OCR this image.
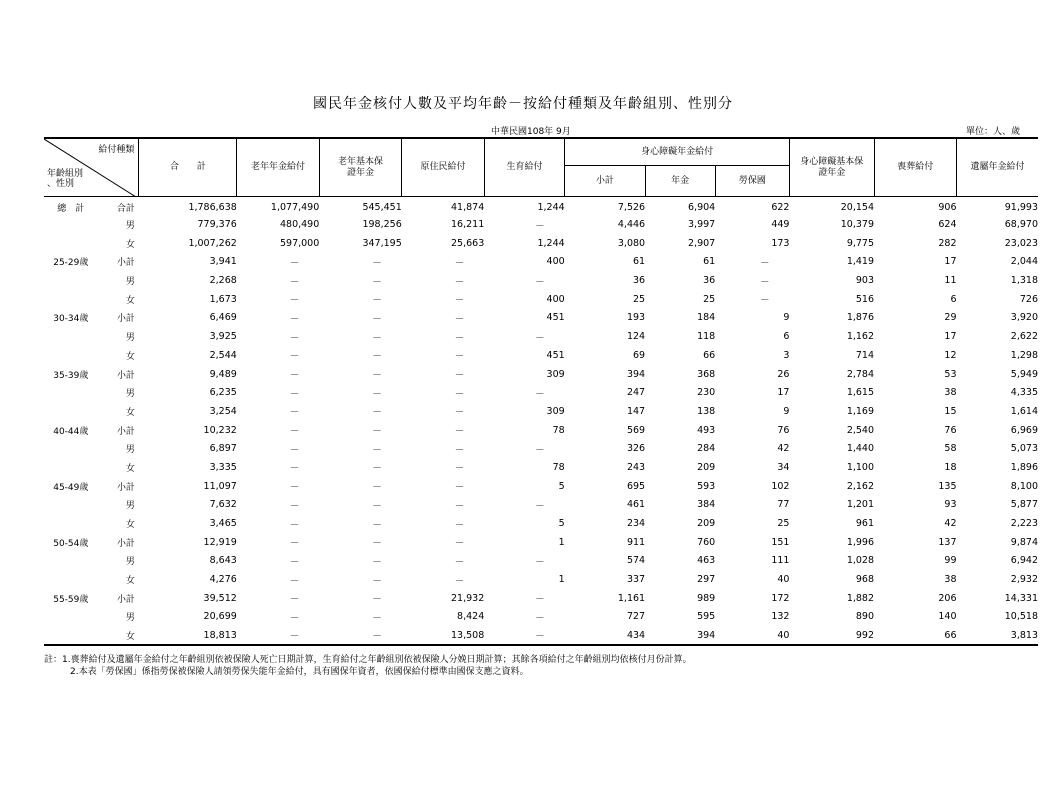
國民年金核付人數及平均年齡－按給付種類及年齡組別、性別分
中華民國108年 9月	單位：人、歲
給付種類
年齡組別
、性別		合　　計	老年年金給付	老年基本保證年金	原住民給付	生育給付	身心障礙年金給付			身心障礙基本保證年金	喪葬給付	遺屬年金給付
							小計	年金	勞保國			
總　計	合計	1,786,638	1,077,490	545,451	41,874	1,244	7,526	6,904	622	20,154	906	91,993
	男	779,376	480,490	198,256	16,211	－	4,446	3,997	449	10,379	624	68,970
	女	1,007,262	597,000	347,195	25,663	1,244	3,080	2,907	173	9,775	282	23,023
25-29歲	小計	3,941	－	－	－	400	61	61	－	1,419	17	2,044
	男	2,268	－	－	－	－	36	36	－	903	11	1,318
	女	1,673	－	－	－	400	25	25	－	516	6	726
30-34歲	小計	6,469	－	－	－	451	193	184	9	1,876	29	3,920
	男	3,925	－	－	－	－	124	118	6	1,162	17	2,622
	女	2,544	－	－	－	451	69	66	3	714	12	1,298
35-39歲	小計	9,489	－	－	－	309	394	368	26	2,784	53	5,949
	男	6,235	－	－	－	－	247	230	17	1,615	38	4,335
	女	3,254	－	－	－	309	147	138	9	1,169	15	1,614
40-44歲	小計	10,232	－	－	－	78	569	493	76	2,540	76	6,969
	男	6,897	－	－	－	－	326	284	42	1,440	58	5,073
	女	3,335	－	－	－	78	243	209	34	1,100	18	1,896
45-49歲	小計	11,097	－	－	－	5	695	593	102	2,162	135	8,100
	男	7,632	－	－	－	－	461	384	77	1,201	93	5,877
	女	3,465	－	－	－	5	234	209	25	961	42	2,223
50-54歲	小計	12,919	－	－	－	1	911	760	151	1,996	137	9,874
	男	8,643	－	－	－	－	574	463	111	1,028	99	6,942
	女	4,276	－	－	－	1	337	297	40	968	38	2,932
55-59歲	小計	39,512	－	－	21,932	－	1,161	989	172	1,882	206	14,331
	男	20,699	－	－	8,424	－	727	595	132	890	140	10,518
	女	18,813	－	－	13,508	－	434	394	40	992	66	3,813
註：1.喪葬給付及遺屬年金給付之年齡組別依被保險人死亡日期計算，生育給付之年齡組別依被保險人分娩日期計算；其餘各項給付之年齡組別均依核付月份計算。
2.本表「勞保國」係指勞保被保險人請領勞保失能年金給付，具有國保年資者，依國保給付標準由國保支應之資料。
